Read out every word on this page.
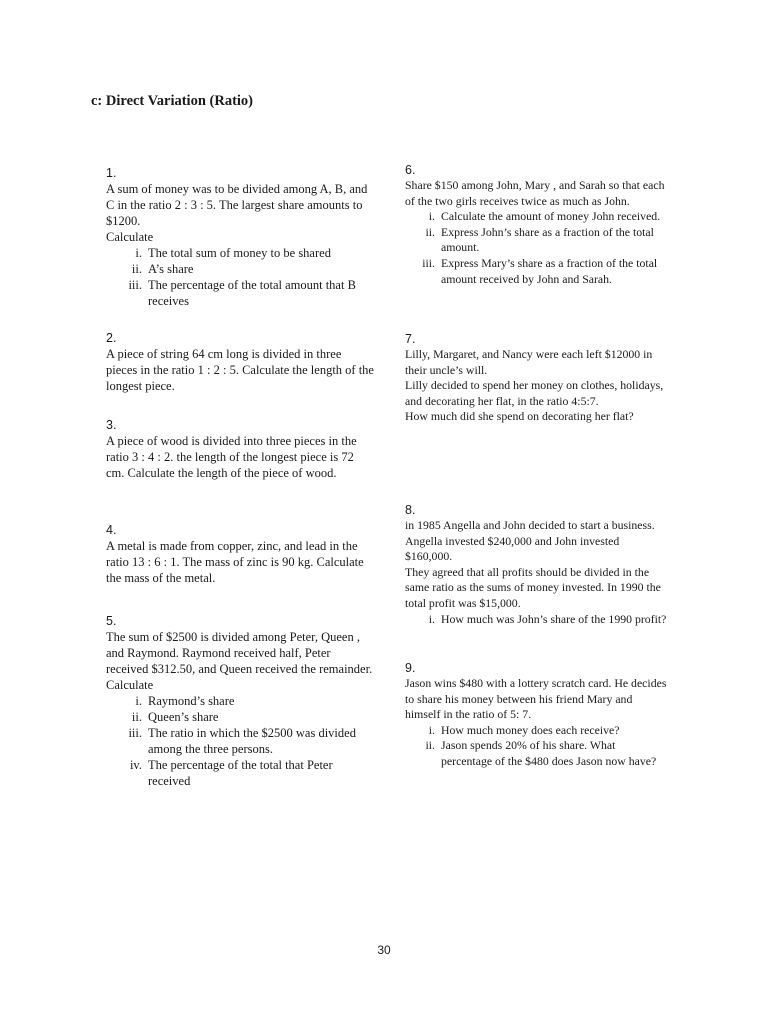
c: Direct Variation (Ratio)
1.

A sum of money was to be divided among A, B, and C in the ratio 2 : 3 : 5. The largest share amounts to $1200.

Calculate

i. The total sum of money to be shared
ii. A’s share
iii. The percentage of the total amount that B receives
2.

A piece of string 64 cm long is divided in three pieces in the ratio 1 : 2 : 5. Calculate the length of the longest piece.

3.

A piece of wood is divided into three pieces in the ratio 3 : 4 : 2. the length of the longest piece is 72 cm. Calculate the length of the piece of wood.

4.

A metal is made from copper, zinc, and lead in the ratio 13 : 6 : 1. The mass of zinc is 90 kg. Calculate the mass of the metal.

5.

The sum of $2500 is divided among Peter, Queen , and Raymond. Raymond received half, Peter received $312.50, and Queen received the remainder.

Calculate

i. Raymond’s share
ii. Queen’s share
iii. The ratio in which the $2500 was divided among the three persons.
iv. The percentage of the total that Peter received
6.

Share $150 among John, Mary , and Sarah so that each of the two girls receives twice as much as John.

i. Calculate the amount of money John received.
ii. Express John’s share as a fraction of the total amount.
iii. Express Mary’s share as a fraction of the total amount received by John and Sarah.
7.

Lilly, Margaret, and Nancy were each left $12000 in their uncle’s will.

Lilly decided to spend her money on clothes, holidays, and decorating her flat, in the ratio 4:5:7.

How much did she spend on decorating her flat?

8.

in 1985 Angella and John decided to start a business. Angella invested $240,000 and John invested $160,000.

They agreed that all profits should be divided in the same ratio as the sums of money invested. In 1990 the total profit was $15,000.

i. How much was John’s share of the 1990 profit?
9.

Jason wins $480 with a lottery scratch card. He decides to share his money between his friend Mary and himself in the ratio of 5: 7.

i. How much money does each receive?
ii. Jason spends 20% of his share. What percentage of the $480 does Jason now have?
30
